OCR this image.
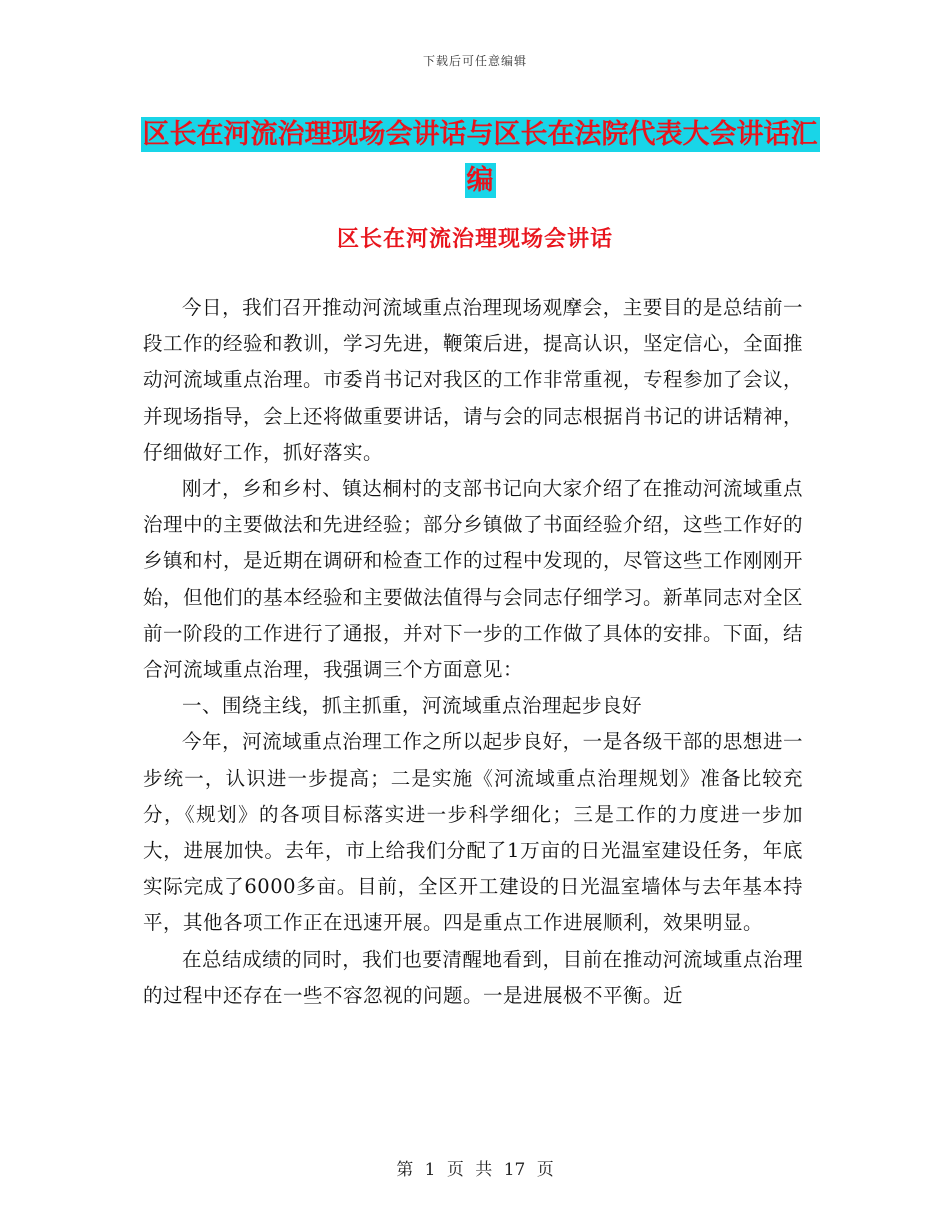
下载后可任意编辑
区长在河流治理现场会讲话与区长在法院代表大会讲话汇编
区长在河流治理现场会讲话

今日，我们召开推动河流域重点治理现场观摩会，主要目的是总结前一段工作的经验和教训，学习先进，鞭策后进，提高认识，坚定信心，全面推动河流域重点治理。市委肖书记对我区的工作非常重视，专程参加了会议，并现场指导，会上还将做重要讲话，请与会的同志根据肖书记的讲话精神，仔细做好工作，抓好落实。

刚才，乡和乡村、镇达桐村的支部书记向大家介绍了在推动河流域重点治理中的主要做法和先进经验；部分乡镇做了书面经验介绍，这些工作好的乡镇和村，是近期在调研和检查工作的过程中发现的，尽管这些工作刚刚开始，但他们的基本经验和主要做法值得与会同志仔细学习。新革同志对全区前一阶段的工作进行了通报，并对下一步的工作做了具体的安排。下面，结合河流域重点治理，我强调三个方面意见：

一、围绕主线，抓主抓重，河流域重点治理起步良好

今年，河流域重点治理工作之所以起步良好，一是各级干部的思想进一步统一，认识进一步提高；二是实施《河流域重点治理规划》准备比较充分，《规划》的各项目标落实进一步科学细化；三是工作的力度进一步加大，进展加快。去年，市上给我们分配了1万亩的日光温室建设任务，年底实际完成了6000多亩。目前，全区开工建设的日光温室墙体与去年基本持平，其他各项工作正在迅速开展。四是重点工作进展顺利，效果明显。

在总结成绩的同时，我们也要清醒地看到，目前在推动河流域重点治理的过程中还存在一些不容忽视的问题。一是进展极不平衡。近

第 1 页 共 17 页
